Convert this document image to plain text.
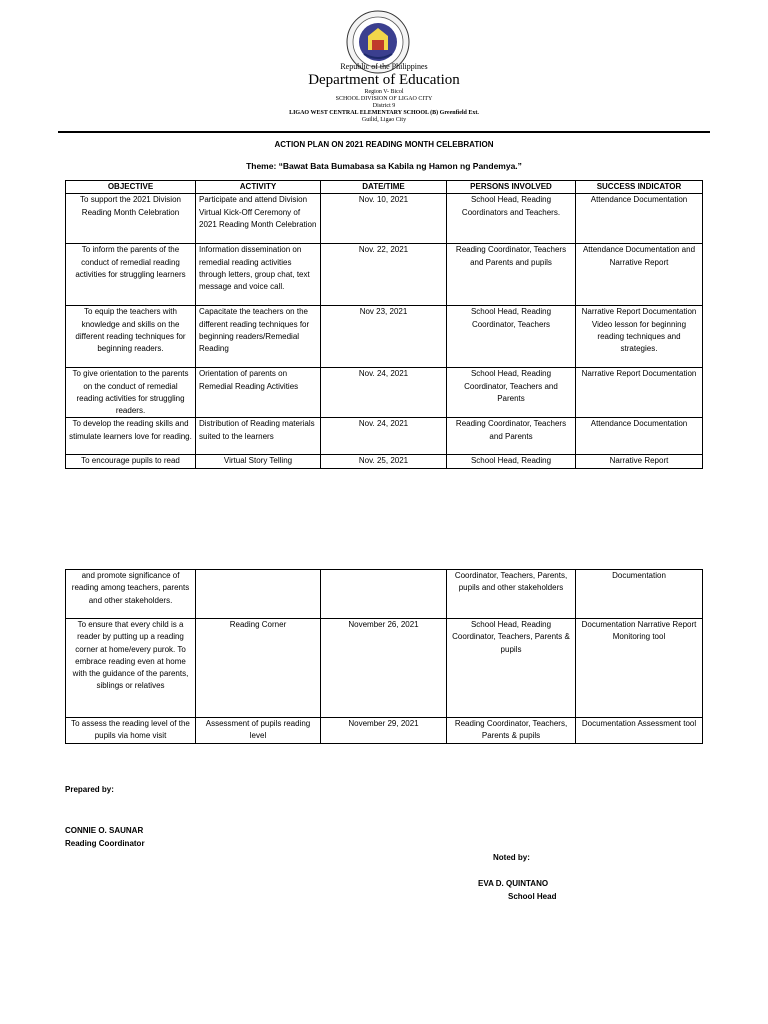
Republic of the Philippines
Department of Education
Region V- Bicol
SCHOOL DIVISION OF LIGAO CITY
District 9
LIGAO WEST CENTRAL ELEMENTARY SCHOOL (B) Greenfield Ext.
Guilid, Ligao City
ACTION PLAN ON 2021 READING MONTH CELEBRATION
Theme: “Bawat Bata Bumabasa sa Kabila ng Hamon ng Pandemya.”
OBJECTIVE	ACTIVITY	DATE/TIME	PERSONS INVOLVED	SUCCESS INDICATOR
To support the 2021 Division Reading Month Celebration	Participate and attend Division Virtual Kick-Off Ceremony of 2021 Reading Month Celebration	Nov. 10, 2021	School Head, Reading Coordinators and Teachers.	Attendance Documentation
To inform the parents of the conduct of remedial reading activities for struggling learners	Information dissemination on remedial reading activities through letters, group chat, text message and voice call.	Nov. 22, 2021	Reading Coordinator, Teachers and Parents and pupils	Attendance Documentation and Narrative Report
To equip the teachers with knowledge and skills on the different reading techniques for beginning readers.	Capacitate the teachers on the different reading techniques for beginning readers/Remedial Reading	Nov 23, 2021	School Head, Reading Coordinator, Teachers	Narrative Report Documentation Video lesson for beginning reading techniques and strategies.
To give orientation to the parents on the conduct of remedial reading activities for struggling readers.	Orientation of parents on Remedial Reading Activities	Nov. 24, 2021	School Head, Reading Coordinator, Teachers and Parents	Narrative Report Documentation
To develop the reading skills and stimulate learners love for reading.	Distribution of Reading materials suited to the learners	Nov. 24, 2021	Reading Coordinator, Teachers and Parents	Attendance Documentation
To encourage pupils to read	Virtual Story Telling	Nov. 25, 2021	School Head, Reading	Narrative Report
and promote significance of reading among teachers, parents and other stakeholders.			Coordinator, Teachers, Parents, pupils and other stakeholders	Documentation
To ensure that every child is a reader by putting up a reading corner at home/every purok. To embrace reading even at home with the guidance of the parents, siblings or relatives	Reading Corner	November 26, 2021	School Head, Reading Coordinator, Teachers, Parents & pupils	Documentation Narrative Report Monitoring tool
To assess the reading level of the pupils via home visit	Assessment of pupils reading level	November 29, 2021	Reading Coordinator, Teachers, Parents & pupils	Documentation Assessment tool
Prepared by:
CONNIE O. SAUNAR
Reading Coordinator
Noted by:
EVA D. QUINTANO
School Head
